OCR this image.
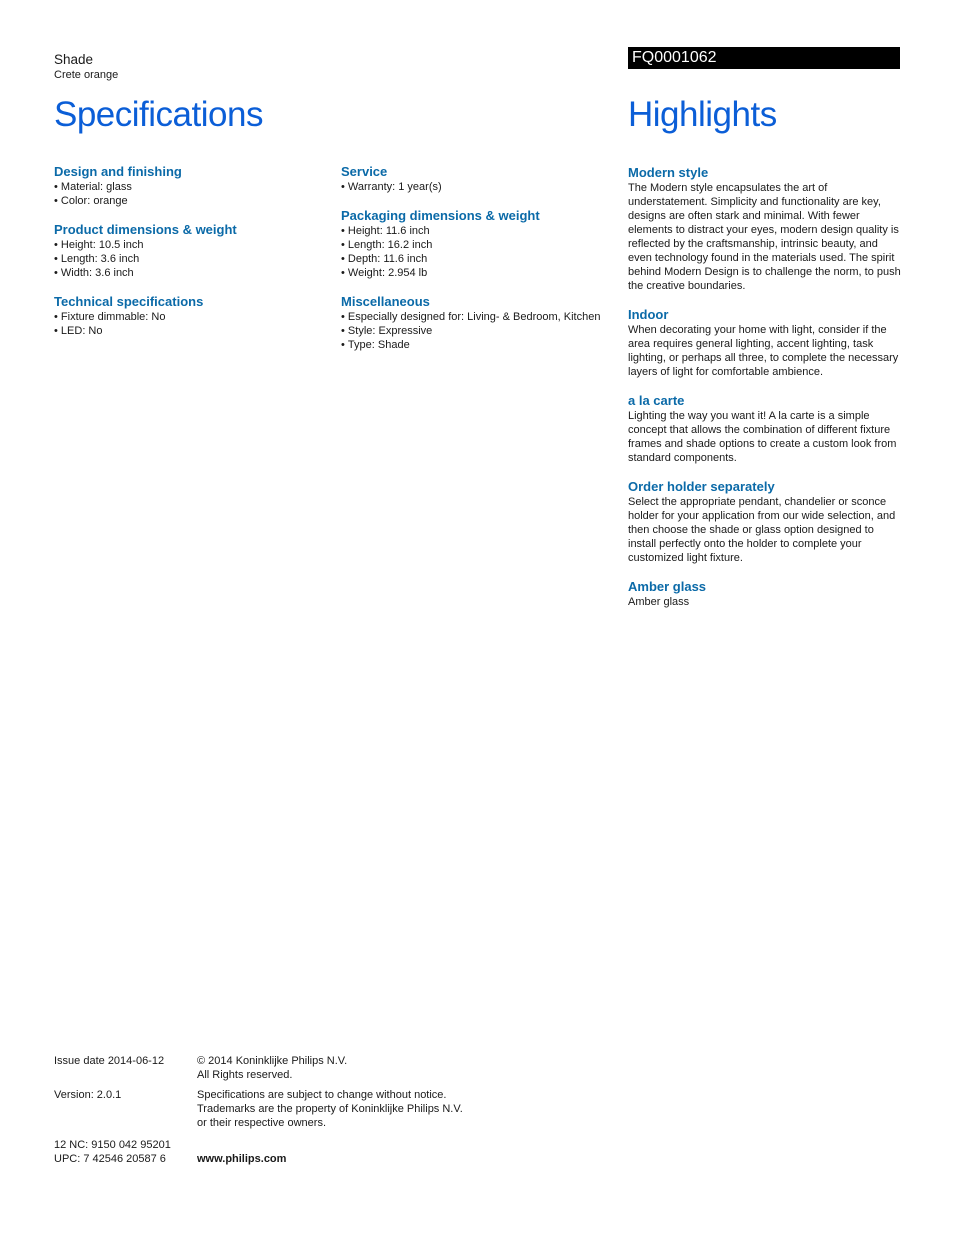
Shade
Crete orange
FQ0001062
Specifications	Highlights
Design and finishing
• Material: glass
• Color: orange
Product dimensions & weight
• Height: 10.5 inch
• Length: 3.6 inch
• Width: 3.6 inch
Technical specifications
• Fixture dimmable: No
• LED: No
Service
• Warranty: 1 year(s)
Packaging dimensions & weight
• Height: 11.6 inch
• Length: 16.2 inch
• Depth: 11.6 inch
• Weight: 2.954 lb
Miscellaneous
• Especially designed for: Living- & Bedroom, Kitchen
• Style: Expressive
• Type: Shade
Modern style

The Modern style encapsulates the art of understatement. Simplicity and functionality are key, designs are often stark and minimal. With fewer elements to distract your eyes, modern design quality is reflected by the craftsmanship, intrinsic beauty, and even technology found in the materials used. The spirit behind Modern Design is to challenge the norm, to push the creative boundaries.

Indoor

When decorating your home with light, consider if the area requires general lighting, accent lighting, task lighting, or perhaps all three, to complete the necessary layers of light for comfortable ambience.

a la carte

Lighting the way you want it! A la carte is a simple concept that allows the combination of different fixture frames and shade options to create a custom look from standard components.

Order holder separately

Select the appropriate pendant, chandelier or sconce holder for your application from our wide selection, and then choose the shade or glass option designed to install perfectly onto the holder to complete your customized light fixture.

Amber glass

Amber glass

Issue date 2014-06-12	© 2014 Koninklijke Philips N.V.
All Rights reserved.
Version: 2.0.1	Specifications are subject to change without notice.
Trademarks are the property of Koninklijke Philips N.V.
or their respective owners.
12 NC: 9150 042 95201
UPC: 7 42546 20587 6	www.philips.com
